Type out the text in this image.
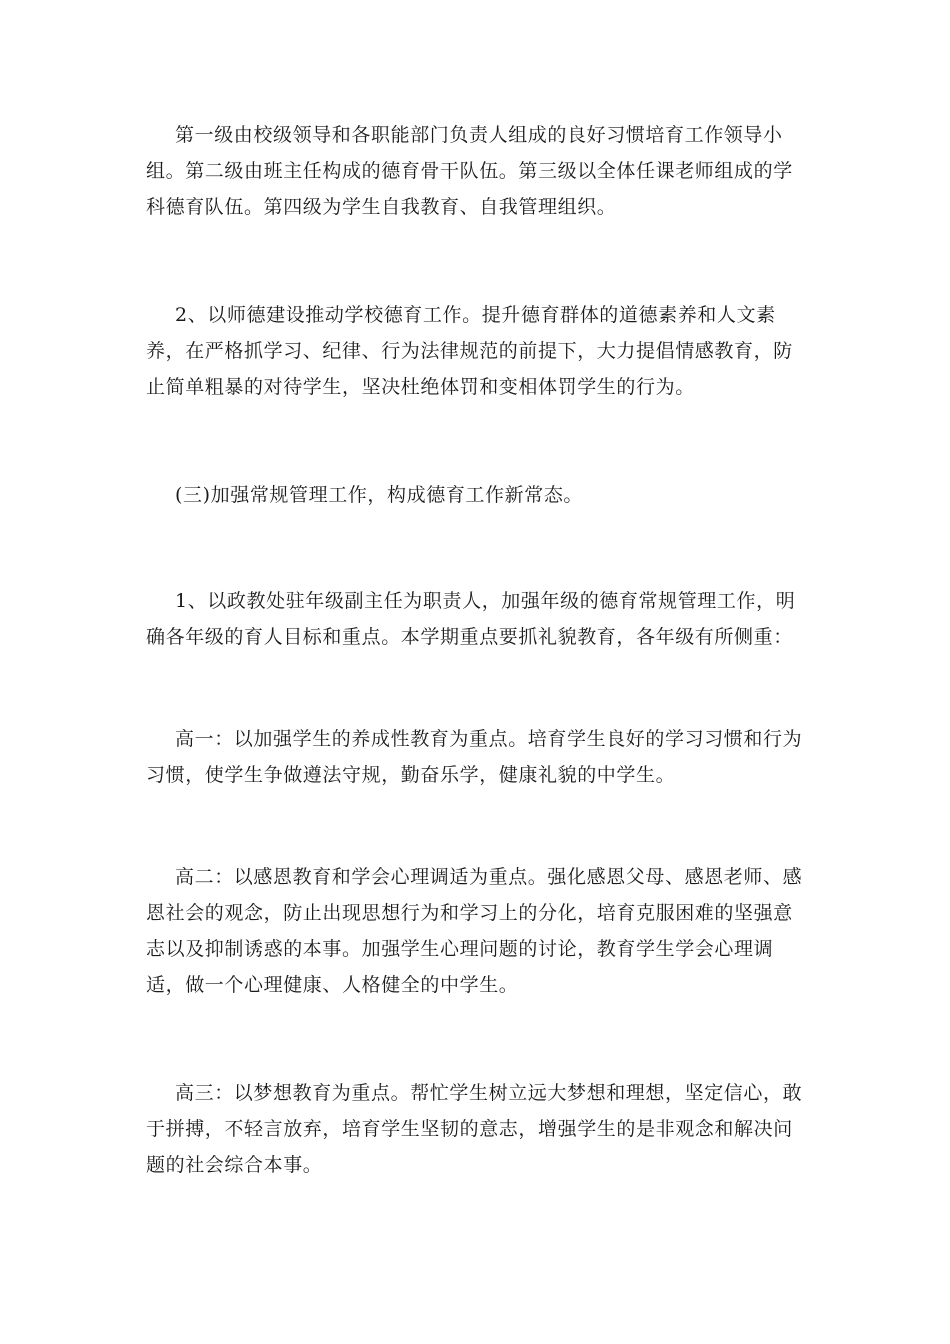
第一级由校级领导和各职能部门负责人组成的良好习惯培育工作领导小组。第二级由班主任构成的德育骨干队伍。第三级以全体任课老师组成的学科德育队伍。第四级为学生自我教育、自我管理组织。

2、以师德建设推动学校德育工作。提升德育群体的道德素养和人文素养，在严格抓学习、纪律、行为法律规范的前提下，大力提倡情感教育，防止简单粗暴的对待学生，坚决杜绝体罚和变相体罚学生的行为。

(三)加强常规管理工作，构成德育工作新常态。

1、以政教处驻年级副主任为职责人，加强年级的德育常规管理工作，明确各年级的育人目标和重点。本学期重点要抓礼貌教育，各年级有所侧重：

高一：以加强学生的养成性教育为重点。培育学生良好的学习习惯和行为习惯，使学生争做遵法守规，勤奋乐学，健康礼貌的中学生。

高二：以感恩教育和学会心理调适为重点。强化感恩父母、感恩老师、感恩社会的观念，防止出现思想行为和学习上的分化，培育克服困难的坚强意志以及抑制诱惑的本事。加强学生心理问题的讨论，教育学生学会心理调适，做一个心理健康、人格健全的中学生。

高三：以梦想教育为重点。帮忙学生树立远大梦想和理想，坚定信心，敢于拼搏，不轻言放弃，培育学生坚韧的意志，增强学生的是非观念和解决问题的社会综合本事。
